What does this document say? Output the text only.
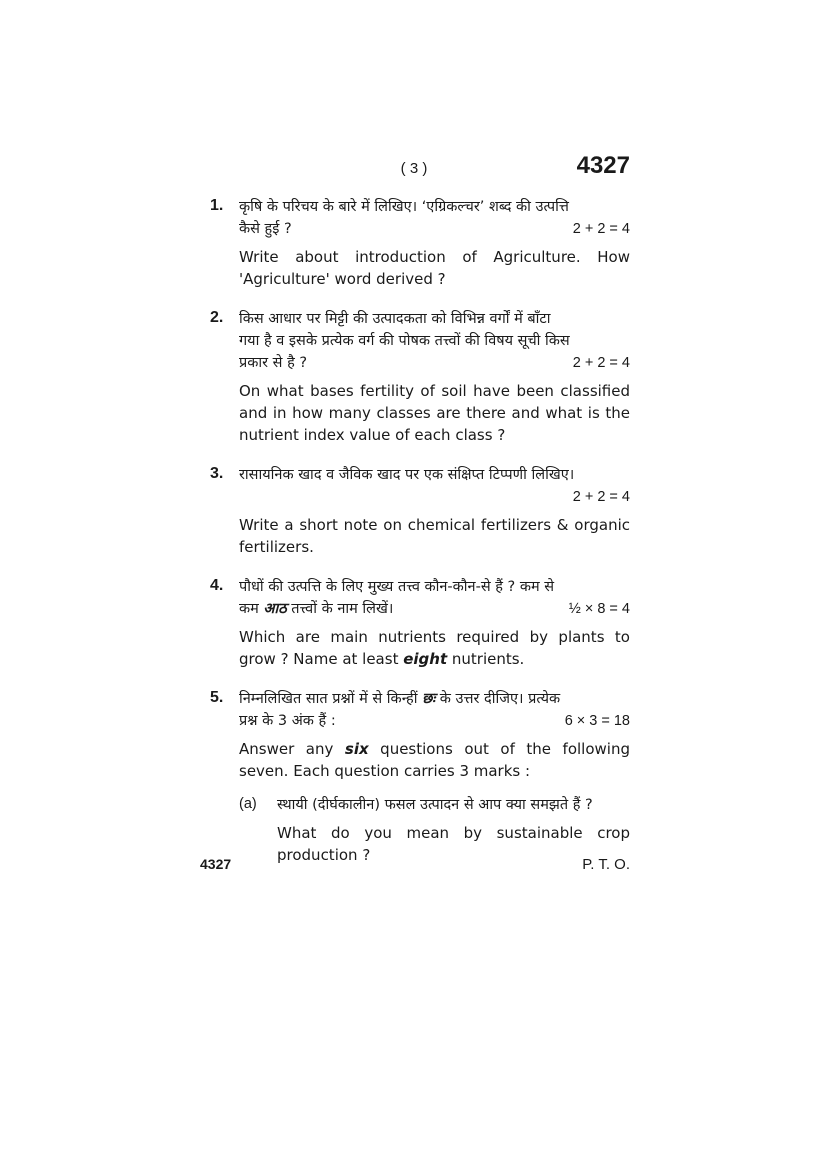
( 3 )	4327
1. कृषि के परिचय के बारे में लिखिए। ‘एग्रिकल्चर’ शब्द की उत्पत्ति
2 + 2 = 4
कैसे हुई ?
Write about introduction of Agriculture. How 'Agriculture' word derived ?
2. किस आधार पर मिट्टी की उत्पादकता को विभिन्न वर्गों में बाँटा
गया है व इसके प्रत्येक वर्ग की पोषक तत्त्वों की विषय सूची किस
2 + 2 = 4
प्रकार से है ?
On what bases fertility of soil have been classified and in how many classes are there and what is the nutrient index value of each class ?
3. रासायनिक खाद व जैविक खाद पर एक संक्षिप्त टिप्पणी लिखिए।
2 + 2 = 4
Write a short note on chemical fertilizers & organic fertilizers.
4. पौधों की उत्पत्ति के लिए मुख्य तत्त्व कौन-कौन-से हैं ? कम से
½ × 8 = 4
कम आठ तत्त्वों के नाम लिखें।
Which are main nutrients required by plants to grow ? Name at least eight nutrients.
5. निम्नलिखित सात प्रश्नों में से किन्हीं छः के उत्तर दीजिए। प्रत्येक
6 × 3 = 18
प्रश्न के 3 अंक हैं :
Answer any six questions out of the following seven. Each question carries 3 marks :
(a) स्थायी (दीर्घकालीन) फसल उत्पादन से आप क्या समझते हैं ?
What do you mean by sustainable crop production ?
4327	P. T. O.
